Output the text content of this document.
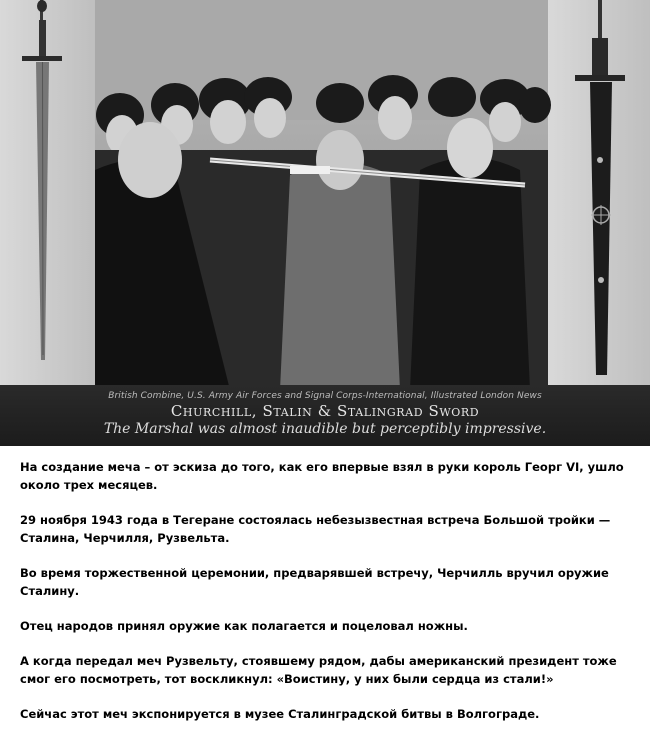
British Combine, U.S. Army Air Forces and Signal Corps-International, Illustrated London News
Churchill, Stalin & Stalingrad Sword
The Marshal was almost inaudible but perceptibly impressive.

На создание меча – от эскиза до того, как его впервые взял в руки король Георг VI, ушло около трех месяцев.

29 ноября 1943 года в Тегеране состоялась небезызвестная встреча Большой тройки — Сталина, Черчилля, Рузвельта.

Во время торжественной церемонии, предварявшей встречу, Черчилль вручил оружие Сталину.

Отец народов принял оружие как полагается и поцеловал ножны.

А когда передал меч Рузвельту, стоявшему рядом, дабы американский президент тоже смог его посмотреть, тот воскликнул: «Воистину, у них были сердца из стали!»

Сейчас этот меч экспонируется в музее Сталинградской битвы в Волгограде.
